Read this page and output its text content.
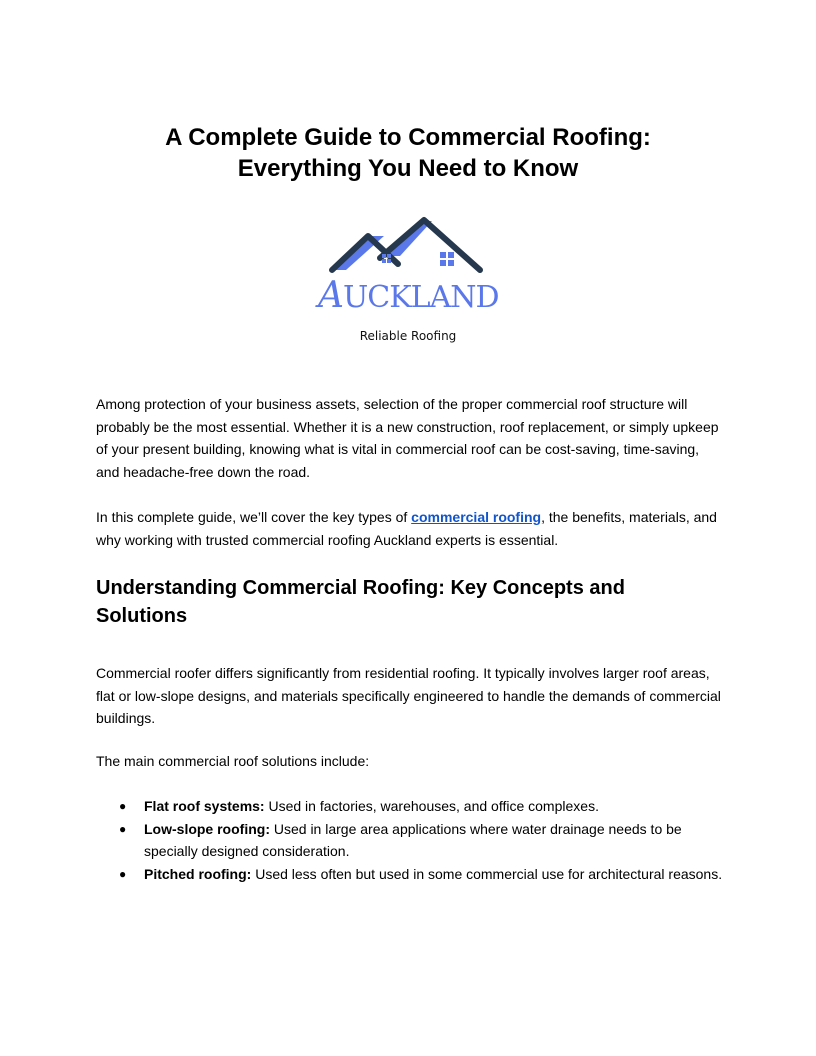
A Complete Guide to Commercial Roofing:
Everything You Need to Know
AUCKLAND
Reliable Roofing

Among protection of your business assets, selection of the proper commercial roof structure will probably be the most essential. Whether it is a new construction, roof replacement, or simply upkeep of your present building, knowing what is vital in commercial roof can be cost-saving, time-saving, and headache-free down the road.

In this complete guide, we’ll cover the key types of commercial roofing, the benefits, materials, and why working with trusted commercial roofing Auckland experts is essential.

Understanding Commercial Roofing: Key Concepts and
Solutions

Commercial roofer differs significantly from residential roofing. It typically involves larger roof areas, flat or low-slope designs, and materials specifically engineered to handle the demands of commercial buildings.

The main commercial roof solutions include:

● Flat roof systems: Used in factories, warehouses, and office complexes.
● Low-slope roofing: Used in large area applications where water drainage needs to be specially designed consideration.
● Pitched roofing: Used less often but used in some commercial use for architectural reasons.
